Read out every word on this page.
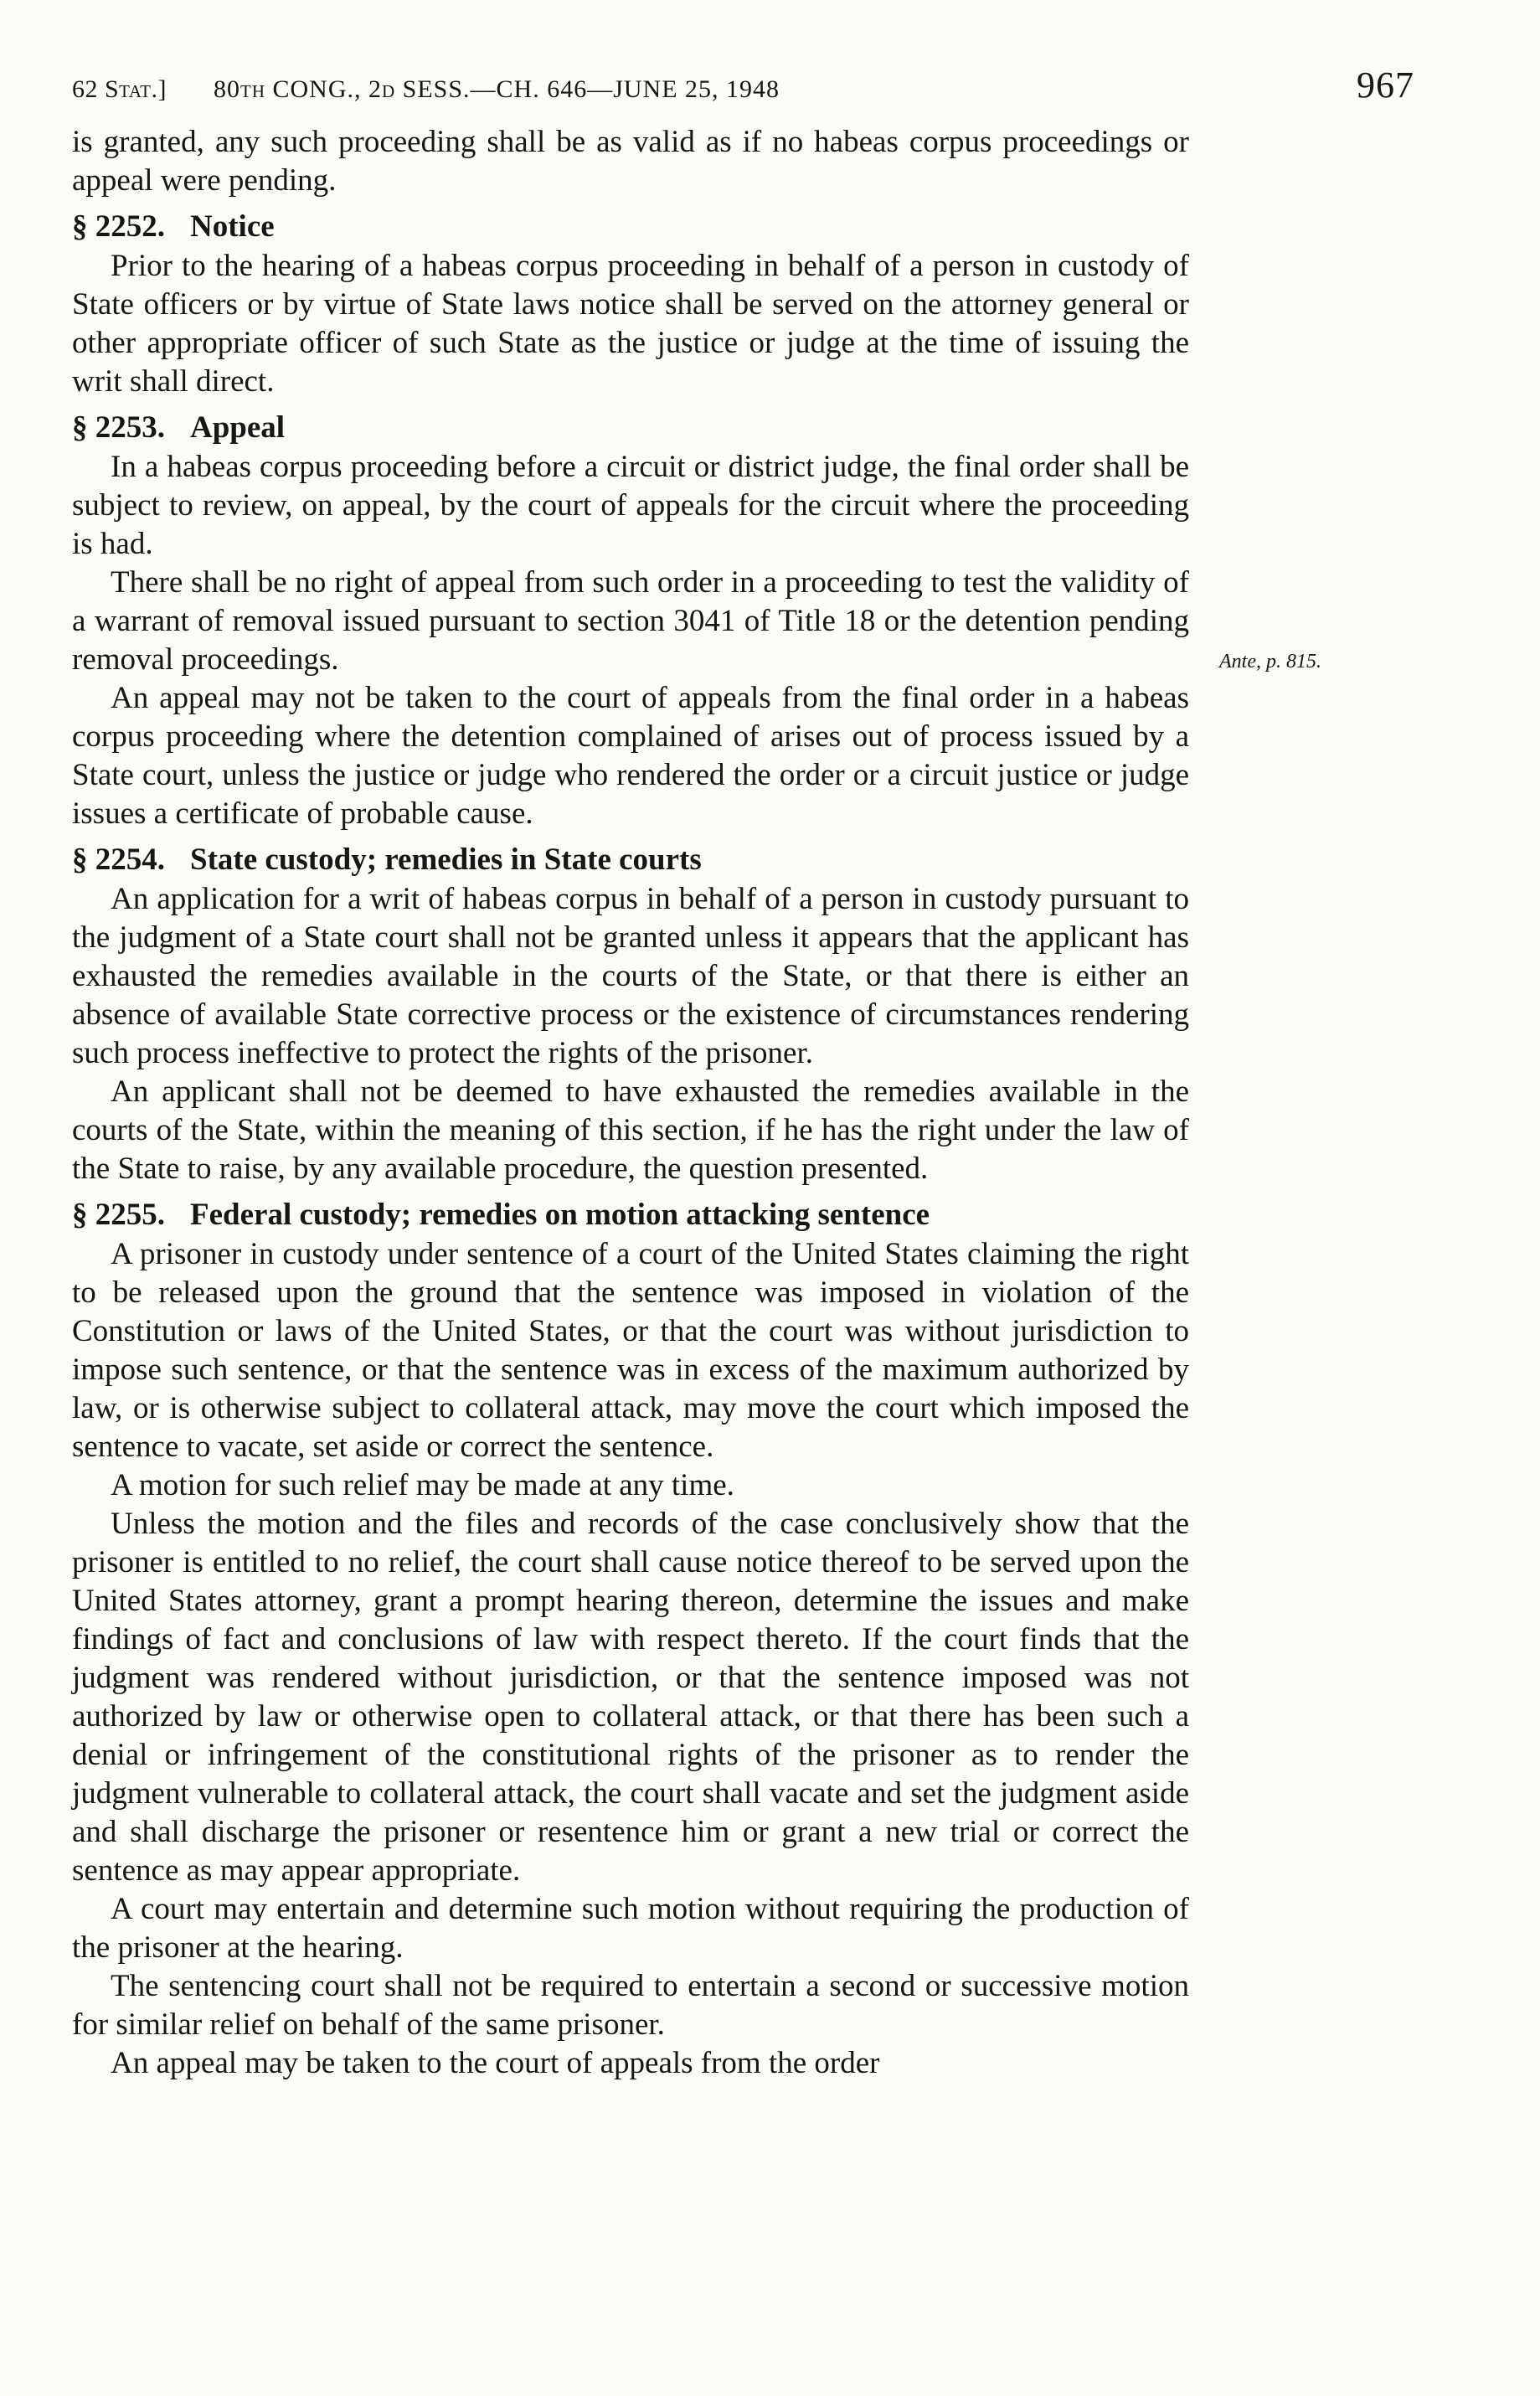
62 Stat.] 80th CONG., 2d SESS.—CH. 646—JUNE 25, 1948	967

is granted, any such proceeding shall be as valid as if no habeas corpus proceedings or appeal were pending.

§ 2252. Notice

Prior to the hearing of a habeas corpus proceeding in behalf of a person in custody of State officers or by virtue of State laws notice shall be served on the attorney general or other appropriate officer of such State as the justice or judge at the time of issuing the writ shall direct.

§ 2253. Appeal

In a habeas corpus proceeding before a circuit or district judge, the final order shall be subject to review, on appeal, by the court of appeals for the circuit where the proceeding is had.

There shall be no right of appeal from such order in a proceeding to test the validity of a warrant of removal issued pursuant to section 3041 of Title 18 or the detention pending removal proceedings.	Ante, p. 815.

An appeal may not be taken to the court of appeals from the final order in a habeas corpus proceeding where the detention complained of arises out of process issued by a State court, unless the justice or judge who rendered the order or a circuit justice or judge issues a certificate of probable cause.

§ 2254. State custody; remedies in State courts

An application for a writ of habeas corpus in behalf of a person in custody pursuant to the judgment of a State court shall not be granted unless it appears that the applicant has exhausted the remedies available in the courts of the State, or that there is either an absence of available State corrective process or the existence of circumstances rendering such process ineffective to protect the rights of the prisoner.

An applicant shall not be deemed to have exhausted the remedies available in the courts of the State, within the meaning of this section, if he has the right under the law of the State to raise, by any available procedure, the question presented.

§ 2255. Federal custody; remedies on motion attacking sentence

A prisoner in custody under sentence of a court of the United States claiming the right to be released upon the ground that the sentence was imposed in violation of the Constitution or laws of the United States, or that the court was without jurisdiction to impose such sentence, or that the sentence was in excess of the maximum authorized by law, or is otherwise subject to collateral attack, may move the court which imposed the sentence to vacate, set aside or correct the sentence.

A motion for such relief may be made at any time.

Unless the motion and the files and records of the case conclusively show that the prisoner is entitled to no relief, the court shall cause notice thereof to be served upon the United States attorney, grant a prompt hearing thereon, determine the issues and make findings of fact and conclusions of law with respect thereto. If the court finds that the judgment was rendered without jurisdiction, or that the sentence imposed was not authorized by law or otherwise open to collateral attack, or that there has been such a denial or infringement of the constitutional rights of the prisoner as to render the judgment vulnerable to collateral attack, the court shall vacate and set the judgment aside and shall discharge the prisoner or resentence him or grant a new trial or correct the sentence as may appear appropriate.

A court may entertain and determine such motion without requiring the production of the prisoner at the hearing.

The sentencing court shall not be required to entertain a second or successive motion for similar relief on behalf of the same prisoner.

An appeal may be taken to the court of appeals from the order
